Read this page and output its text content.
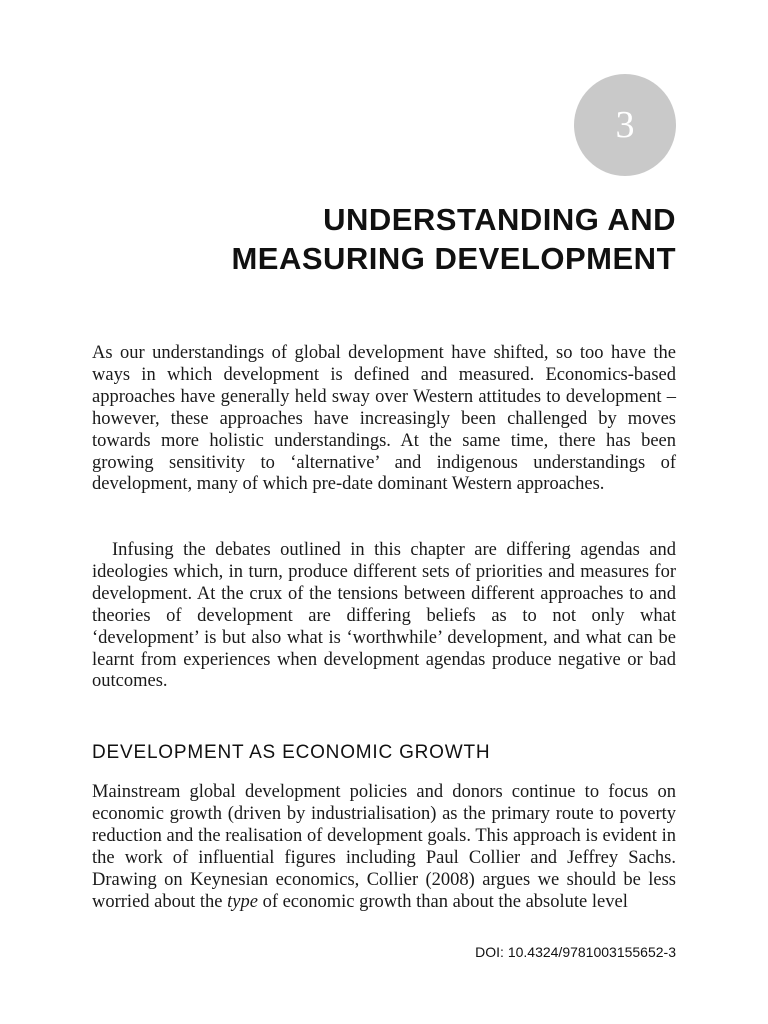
3
UNDERSTANDING AND
MEASURING DEVELOPMENT

As our understandings of global development have shifted, so too have the ways in which development is defined and measured. Economics-based approaches have generally held sway over Western attitudes to development – however, these approaches have increasingly been challenged by moves towards more holistic understandings. At the same time, there has been growing sensitivity to ‘alternative’ and indigenous understandings of development, many of which pre-date dominant Western approaches.

Infusing the debates outlined in this chapter are differing agendas and ideologies which, in turn, produce different sets of priorities and measures for development. At the crux of the tensions between different approaches to and theories of development are differing beliefs as to not only what ‘development’ is but also what is ‘worthwhile’ development, and what can be learnt from experiences when development agendas produce negative or bad outcomes.

DEVELOPMENT AS ECONOMIC GROWTH

Mainstream global development policies and donors continue to focus on economic growth (driven by industrialisation) as the primary route to poverty reduction and the realisation of development goals. This approach is evident in the work of influential figures including Paul Collier and Jeffrey Sachs. Drawing on Keynesian economics, Collier (2008) argues we should be less worried about the type of economic growth than about the absolute level

DOI: 10.4324/9781003155652-3
